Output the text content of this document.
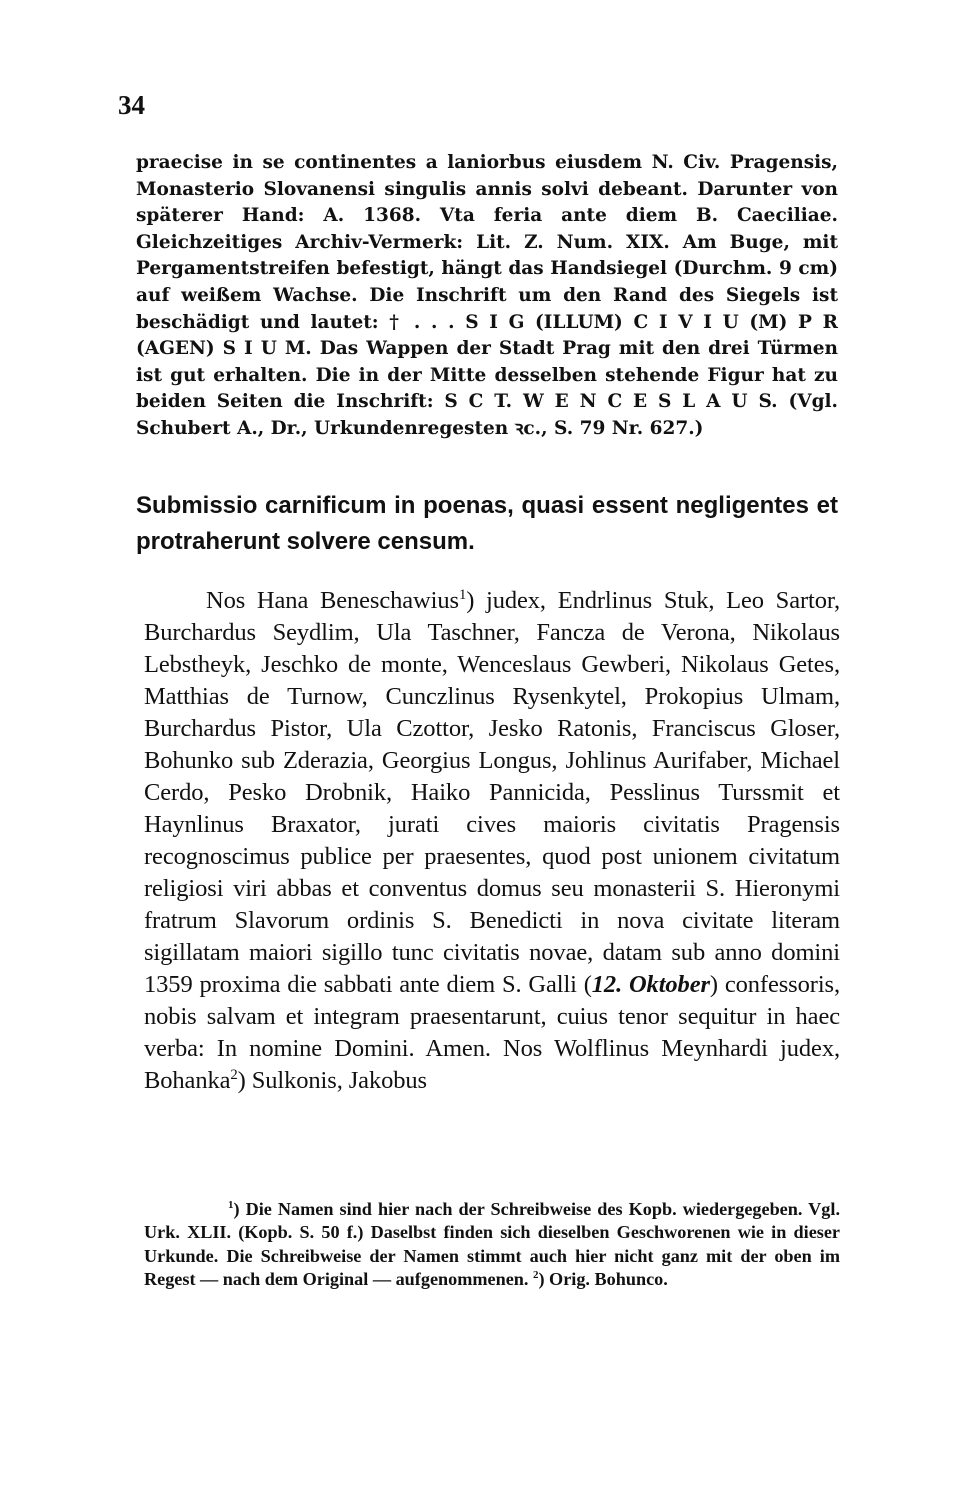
34

praecise in se continentes a laniorbus eiusdem N. Civ. Pragensis, Monasterio Slovanensi singulis annis solvi debeant. Darunter von späterer Hand: A. 1368. Vta feria ante diem B. Caeciliae. Gleichzeitiges Archiv-Vermerk: Lit. Z. Num. XIX. Am Buge, mit Pergamentstreifen befestigt, hängt das Handsiegel (Durchm. 9 cm) auf weißem Wachse. Die Inschrift um den Rand des Siegels ist beschädigt und lautet: † . . . S I G (ILLUM) C I V I U (M) P R (AGEN) S I U M. Das Wappen der Stadt Prag mit den drei Türmen ist gut erhalten. Die in der Mitte desselben stehende Figur hat zu beiden Seiten die Inschrift: S C T. W E N C E S L A U S. (Vgl. Schubert A., Dr., Urkundenregesten ꝛc., S. 79 Nr. 627.)

Submissio carnificum in poenas, quasi essent negligentes et protraherunt solvere censum.

Nos Hana Beneschawius$^1$) judex, Endrlinus Stuk, Leo Sartor, Burchardus Seydlim, Ula Taschner, Fancza de Verona, Nikolaus Lebstheyk, Jeschko de monte, Wenceslaus Gewberi, Nikolaus Getes, Matthias de Turnow, Cunczlinus Rysenkytel, Prokopius Ulmam, Burchardus Pistor, Ula Czottor, Jesko Ratonis, Franciscus Gloser, Bohunko sub Zderazia, Georgius Longus, Johlinus Aurifaber, Michael Cerdo, Pesko Drobnik, Haiko Pannicida, Pesslinus Turssmit et Haynlinus Braxator, jurati cives maioris civitatis Pragensis recognoscimus publice per praesentes, quod post unionem civitatum religiosi viri abbas et conventus domus seu monasterii S. Hieronymi fratrum Slavorum ordinis S. Benedicti in nova civitate literam sigillatam maiori sigillo tunc civitatis novae, datam sub anno domini 1359 proxima die sabbati ante diem S. Galli (12. Oktober) confessoris, nobis salvam et integram praesentarunt, cuius tenor sequitur in haec verba: In nomine Domini. Amen. Nos Wolflinus Meynhardi judex, Bohanka$^2$) Sulkonis, Jakobus

$^1$) Die Namen sind hier nach der Schreibweise des Kopb. wiedergegeben. Vgl. Urk. XLII. (Kopb. S. 50 f.) Daselbst finden sich dieselben Geschworenen wie in dieser Urkunde. Die Schreibweise der Namen stimmt auch hier nicht ganz mit der oben im Regest — nach dem Original — aufgenommenen. $^2$) Orig. Bohunco.
